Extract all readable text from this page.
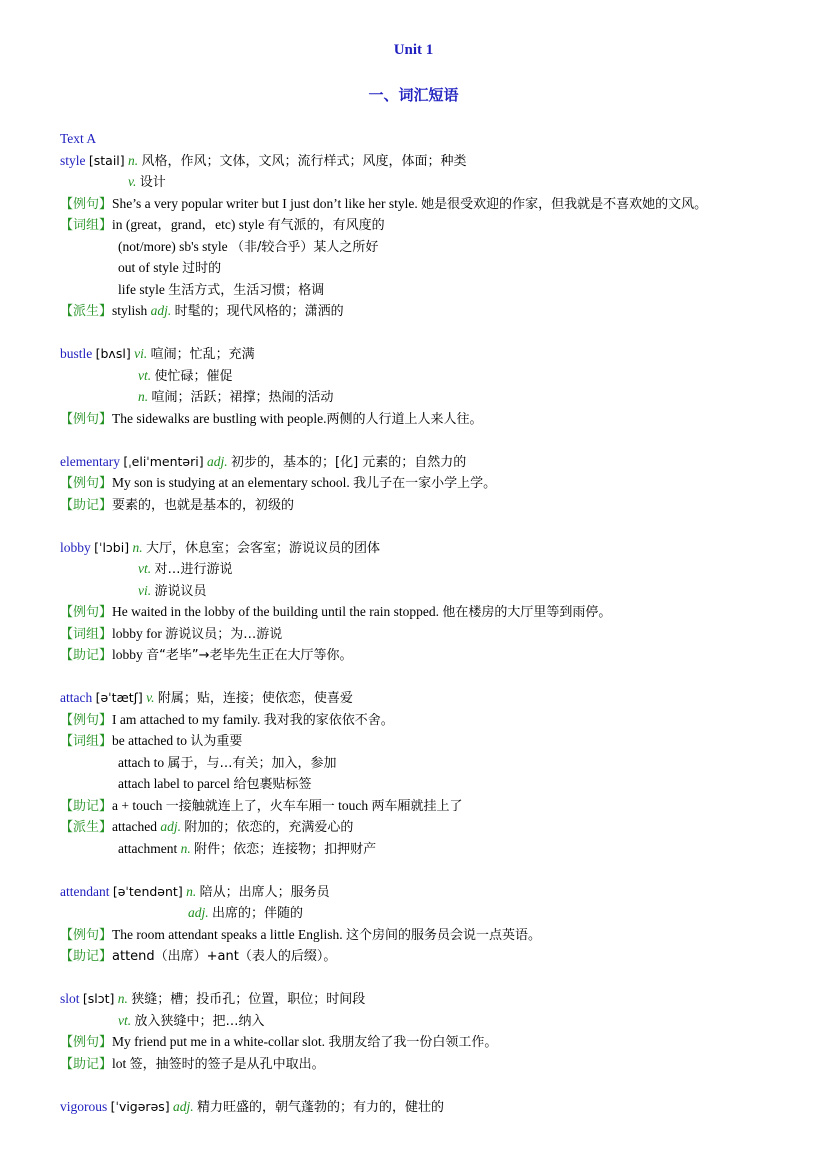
Unit 1
一、词汇短语
Text A
style [stail] n. 风格，作风；文体，文风；流行样式；风度，体面；种类
v. 设计
【例句】She’s a very popular writer but I just don’t like her style. 她是很受欢迎的作家，但我就是不喜欢她的文风。
【词组】in (great，grand，etc) style 有气派的，有风度的
(not/more) sb's style （非/较合乎）某人之所好
out of style 过时的
life style 生活方式，生活习惯；格调
【派生】stylish adj. 时髦的；现代风格的；潇洒的
bustle [bʌsl] vi. 喧闹；忙乱；充满
vt. 使忙碌；催促
n. 喧闹；活跃；裙撑；热闹的活动
【例句】The sidewalks are bustling with people.两侧的人行道上人来人往。
elementary [ˌeliˈmentəri] adj. 初步的，基本的；[化] 元素的；自然力的
【例句】My son is studying at an elementary school. 我儿子在一家小学上学。
【助记】要素的，也就是基本的，初级的
lobby [ˈlɔbi] n. 大厅，休息室；会客室；游说议员的团体
vt. 对…进行游说
vi. 游说议员
【例句】He waited in the lobby of the building until the rain stopped. 他在楼房的大厅里等到雨停。
【词组】lobby for 游说议员；为…游说
【助记】lobby 音“老毕”→老毕先生正在大厅等你。
attach [əˈtætʃ] v. 附属；贴，连接；使依恋，使喜爱
【例句】I am attached to my family. 我对我的家依依不舍。
【词组】be attached to 认为重要
attach to 属于，与…有关；加入，参加
attach label to parcel 给包裹贴标签
【助记】a + touch 一接触就连上了，火车车厢一 touch 两车厢就挂上了
【派生】attached adj. 附加的；依恋的，充满爱心的
attachment n. 附件；依恋；连接物；扣押财产
attendant [əˈtendənt] n. 陪从；出席人；服务员
adj. 出席的；伴随的
【例句】The room attendant speaks a little English. 这个房间的服务员会说一点英语。
【助记】attend（出席）+ant（表人的后缀）。
slot [slɔt] n. 狭缝；槽；投币孔；位置，职位；时间段
vt. 放入狭缝中；把…纳入
【例句】My friend put me in a white-collar slot. 我朋友给了我一份白领工作。
【助记】lot 签，抽签时的签子是从孔中取出。
vigorous [ˈvigərəs] adj. 精力旺盛的，朝气蓬勃的；有力的，健壮的
